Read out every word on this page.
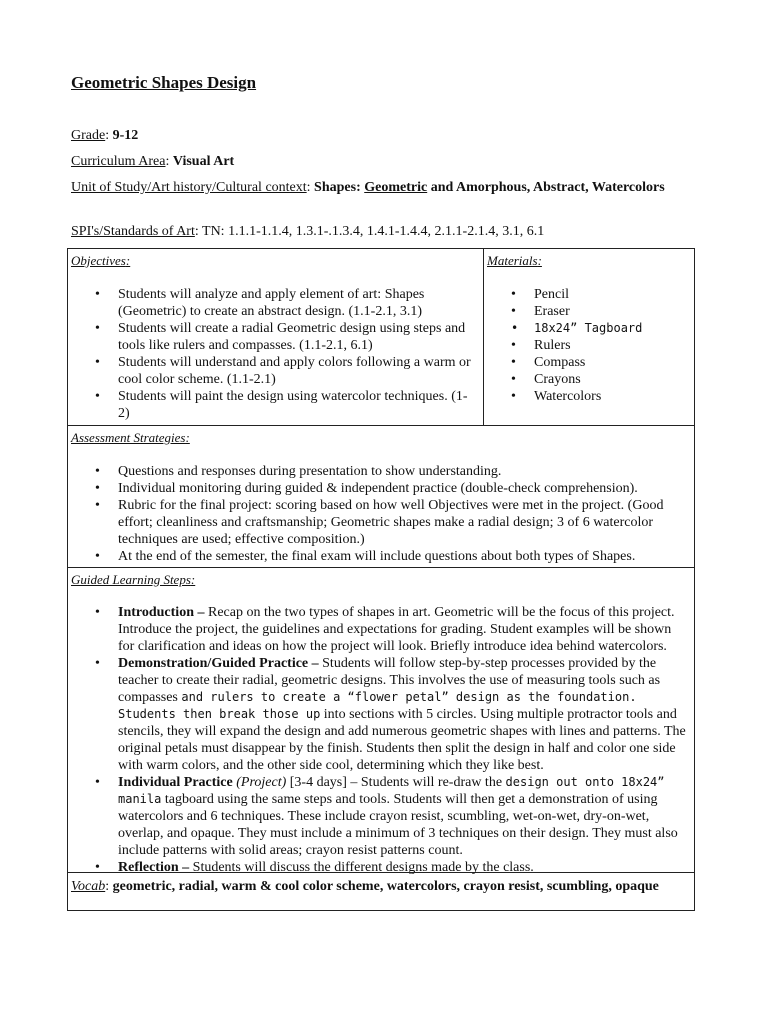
Geometric Shapes Design
Grade: 9-12
Curriculum Area: Visual Art
Unit of Study/Art history/Cultural context: Shapes: Geometric and Amorphous, Abstract, Watercolors
SPI's/Standards of Art: TN: 1.1.1-1.1.4, 1.3.1-.1.3.4, 1.4.1-1.4.4, 2.1.1-2.1.4, 3.1, 6.1
Objectives:
• Students will analyze and apply element of art: Shapes (Geometric) to create an abstract design. (1.1-2.1, 3.1)
• Students will create a radial Geometric design using steps and tools like rulers and compasses. (1.1-2.1, 6.1)
• Students will understand and apply colors following a warm or cool color scheme. (1.1-2.1)
• Students will paint the design using watercolor techniques. (1-2)
Materials:
• Pencil
• Eraser
• 18x24” Tagboard
• Rulers
• Compass
• Crayons
• Watercolors
Assessment Strategies:
• Questions and responses during presentation to show understanding.
• Individual monitoring during guided & independent practice (double-check comprehension).
• Rubric for the final project: scoring based on how well Objectives were met in the project. (Good effort; cleanliness and craftsmanship; Geometric shapes make a radial design; 3 of 6 watercolor techniques are used; effective composition.)
• At the end of the semester, the final exam will include questions about both types of Shapes.
Guided Learning Steps:
• Introduction – Recap on the two types of shapes in art. Geometric will be the focus of this project. Introduce the project, the guidelines and expectations for grading. Student examples will be shown for clarification and ideas on how the project will look. Briefly introduce idea behind watercolors.
• Demonstration/Guided Practice – Students will follow step-by-step processes provided by the teacher to create their radial, geometric designs. This involves the use of measuring tools such as compasses and rulers to create a “flower petal” design as the foundation. Students then break those up into sections with 5 circles. Using multiple protractor tools and stencils, they will expand the design and add numerous geometric shapes with lines and patterns. The original petals must disappear by the finish. Students then split the design in half and color one side with warm colors, and the other side cool, determining which they like best.
• Individual Practice (Project) [3-4 days] – Students will re-draw the design out onto 18x24” manila tagboard using the same steps and tools. Students will then get a demonstration of using watercolors and 6 techniques. These include crayon resist, scumbling, wet-on-wet, dry-on-wet, overlap, and opaque. They must include a minimum of 3 techniques on their design. They must also include patterns with solid areas; crayon resist patterns count.
• Reflection – Students will discuss the different designs made by the class.
Vocab: geometric, radial, warm & cool color scheme, watercolors, crayon resist, scumbling, opaque
